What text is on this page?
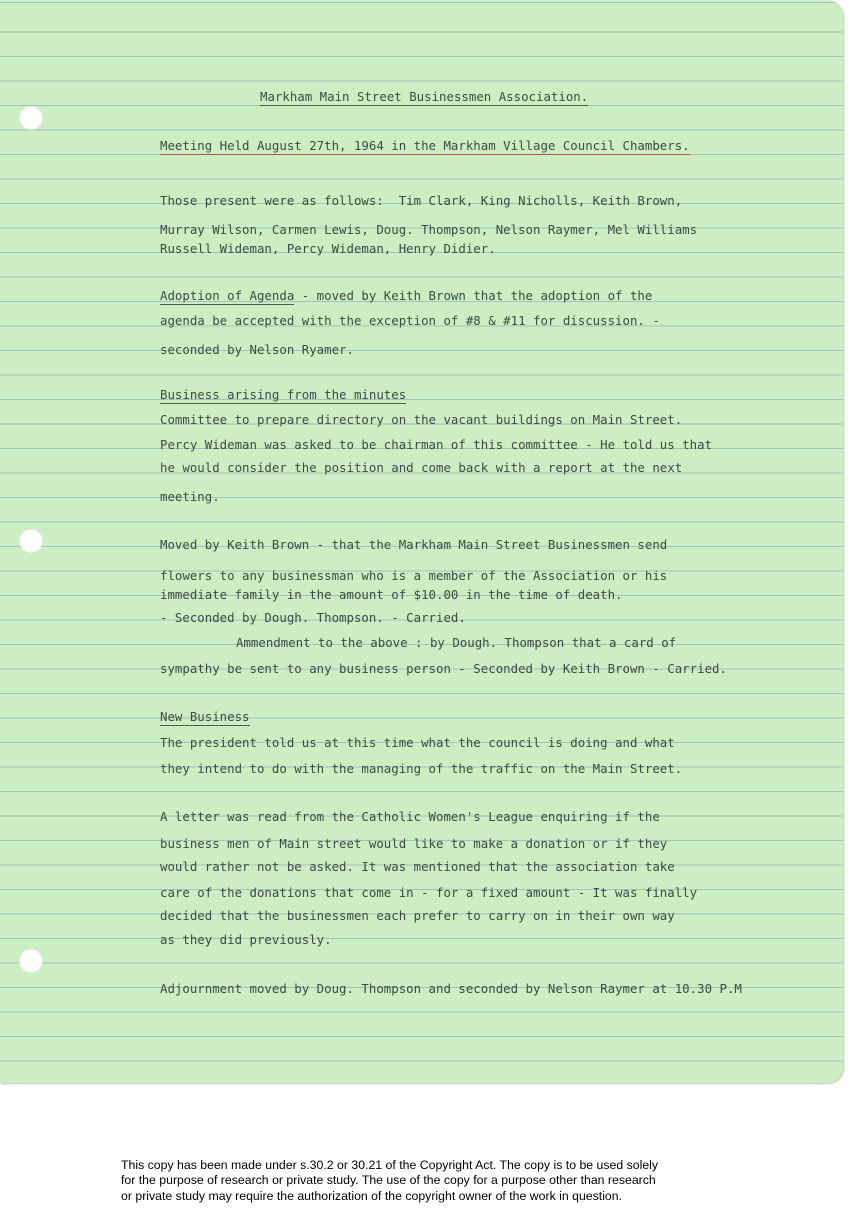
Markham Main Street Businessmen Association.

Meeting Held August 27th, 1964 in the Markham Village Council Chambers.

Those present were as follows:  Tim Clark, King Nicholls, Keith Brown,

Murray Wilson, Carmen Lewis, Doug. Thompson, Nelson Raymer, Mel Williams

Russell Wideman, Percy Wideman, Henry Didier.

Adoption of Agenda - moved by Keith Brown that the adoption of the

agenda be accepted with the exception of #8 & #11 for discussion. -

seconded by Nelson Ryamer.

Business arising from the minutes

Committee to prepare directory on the vacant buildings on Main Street.

Percy Wideman was asked to be chairman of this committee - He told us that

he would consider the position and come back with a report at the next

meeting.

Moved by Keith Brown - that the Markham Main Street Businessmen send

flowers to any businessman who is a member of the Association or his

immediate family in the amount of $10.00 in the time of death.

- Seconded by Dough. Thompson. - Carried.

Ammendment to the above : by Dough. Thompson that a card of

sympathy be sent to any business person - Seconded by Keith Brown - Carried.

New Business

The president told us at this time what the council is doing and what

they intend to do with the managing of the traffic on the Main Street.

A letter was read from the Catholic Women's League enquiring if the

business men of Main street would like to make a donation or if they

would rather not be asked. It was mentioned that the association take

care of the donations that come in - for a fixed amount - It was finally

decided that the businessmen each prefer to carry on in their own way

as they did previously.

Adjournment moved by Doug. Thompson and seconded by Nelson Raymer at 10.30 P.M

This copy has been made under s.30.2 or 30.21 of the Copyright Act. The copy is to be used solely
for the purpose of research or private study. The use of the copy for a purpose other than research
or private study may require the authorization of the copyright owner of the work in question.
